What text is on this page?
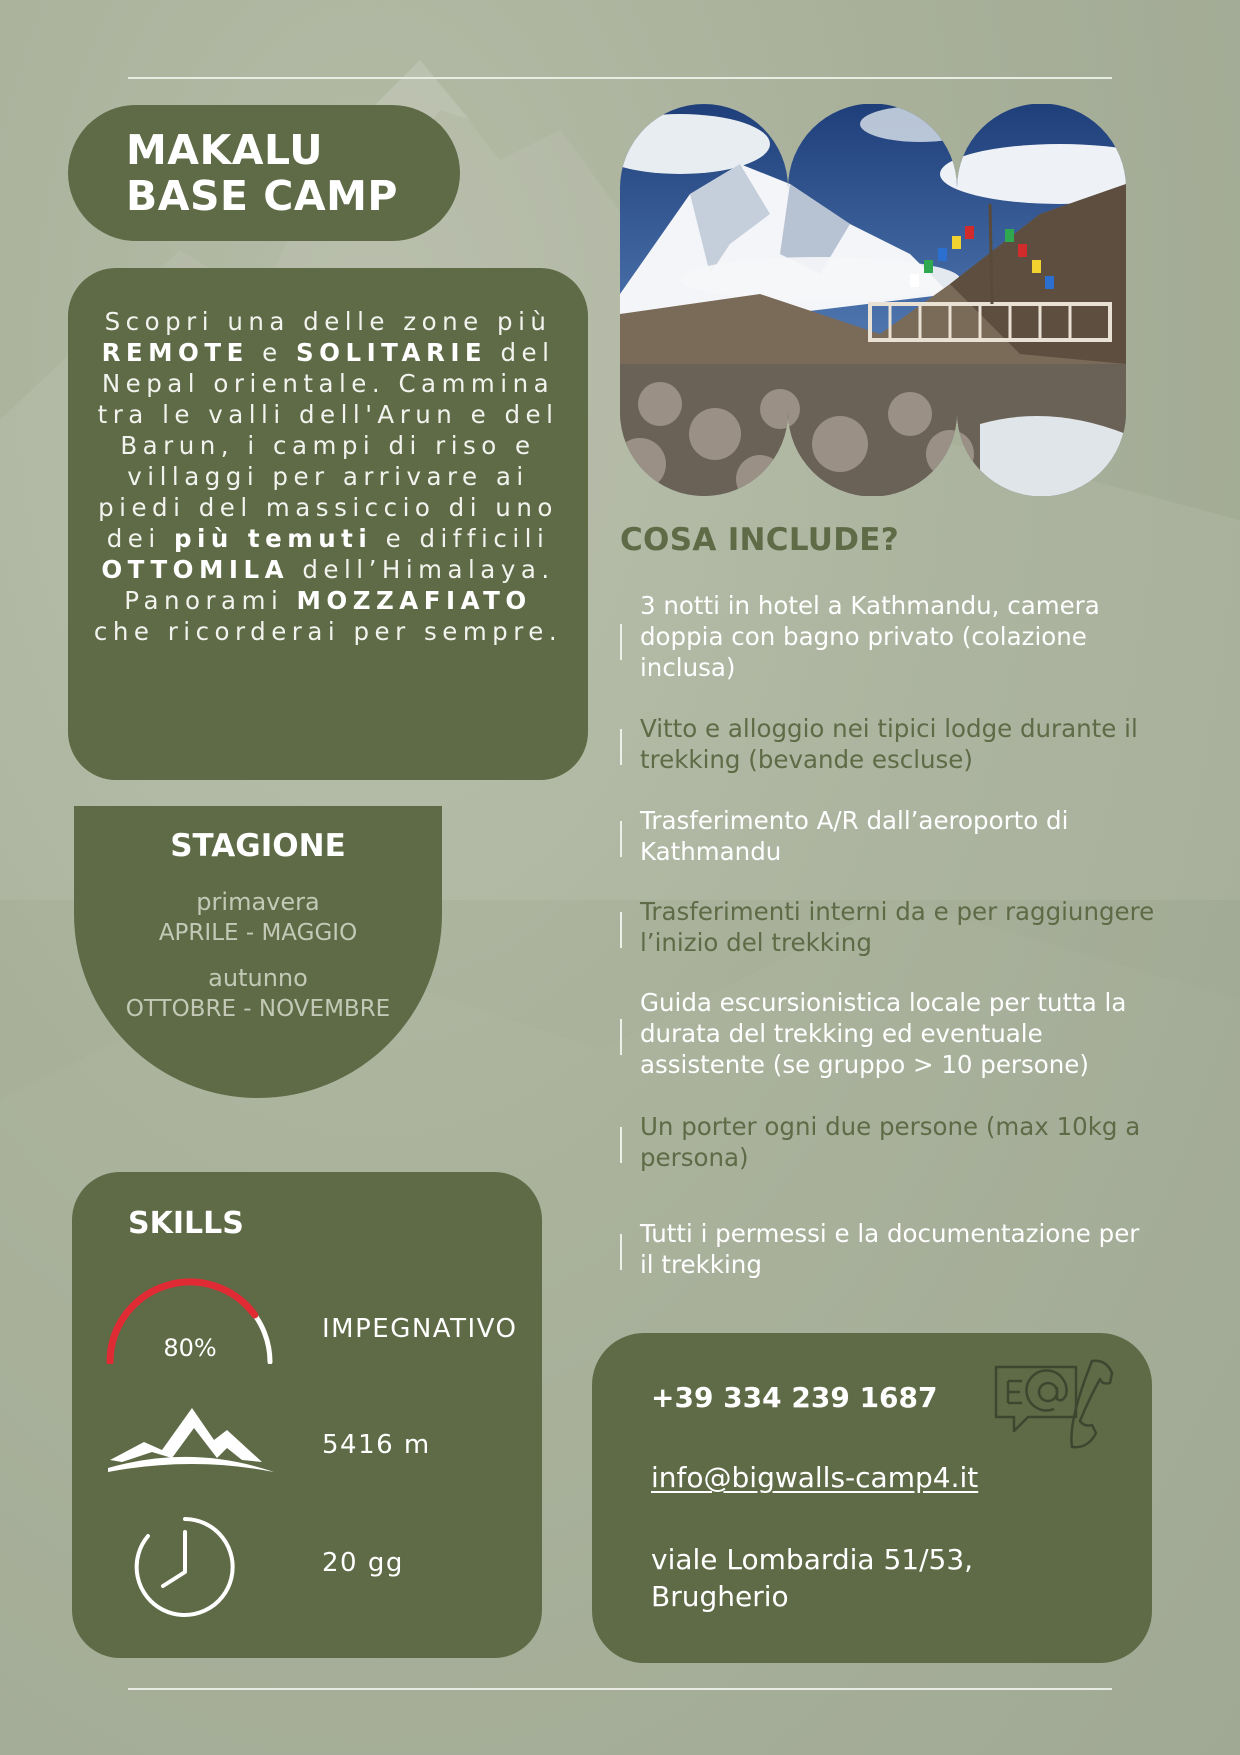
MAKALU
BASE CAMP

Scopri una delle zone più REMOTE e SOLITARIE del Nepal orientale. Cammina tra le valli dell'Arun e del Barun, i campi di riso e villaggi per arrivare ai piedi del massiccio di uno dei più temuti e difficili OTTOMILA dell’Himalaya. Panorami MOZZAFIATO che ricorderai per sempre.

STAGIONE
primavera
APRILE - MAGGIO
autunno
OTTOBRE - NOVEMBRE
SKILLS
80%
IMPEGNATIVO
5416 m
20 gg
COSA INCLUDE?
3 notti in hotel a Kathmandu, camera doppia con bagno privato (colazione inclusa)
Vitto e alloggio nei tipici lodge durante il trekking (bevande escluse)
Trasferimento A/R dall’aeroporto di Kathmandu
Trasferimenti interni da e per raggiungere l’inizio del trekking
Guida escursionistica locale per tutta la durata del trekking ed eventuale assistente (se gruppo > 10 persone)
Un porter ogni due persone (max 10kg a persona)
Tutti i permessi e la documentazione per il trekking
+39 334 239 1687
info@bigwalls-camp4.it
viale Lombardia 51/53, Brugherio
